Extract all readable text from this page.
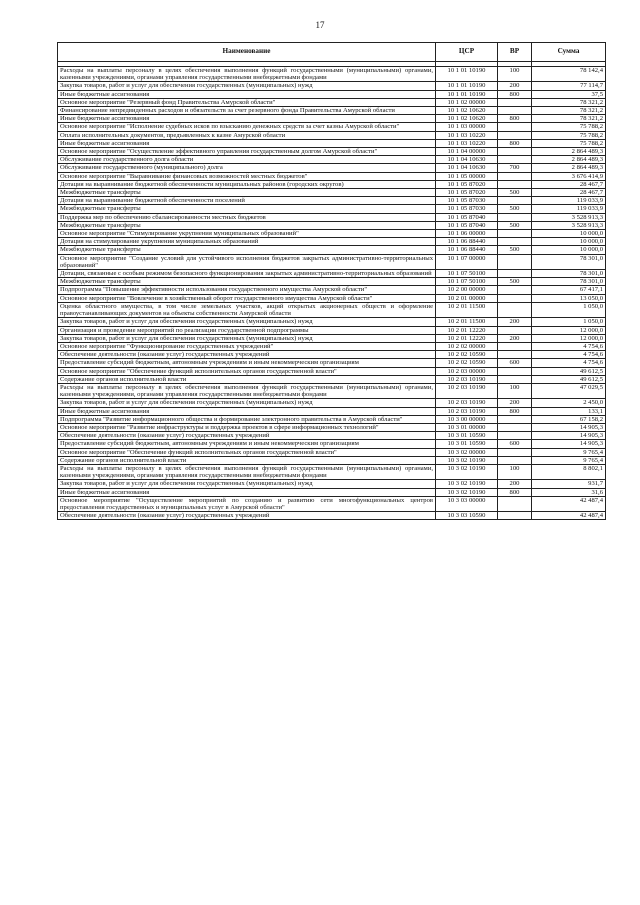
17
Наименование	ЦСР	ВР	Сумма

Расходы на выплаты персоналу в целях обеспечения выполнения функций государственными (муниципальными) органами, казенными учреждениями, органами управления государственными внебюджетными фондами	10 1 01 10190	100	78 142,4
Закупка товаров, работ и услуг для обеспечения государственных (муниципальных) нужд	10 1 01 10190	200	77 114,7
Иные бюджетные ассигнования	10 1 01 10190	800	37,5
Основное мероприятие "Резервный фонд Правительства Амурской области"	10 1 02 00000		78 321,2
Финансирование непредвиденных расходов и обязательств за счет резервного фонда Правительства Амурской области	10 1 02 10620		78 321,2
Иные бюджетные ассигнования	10 1 02 10620	800	78 321,2
Основное мероприятие "Исполнение судебных исков по взысканию денежных средств за счет казны Амурской области"	10 1 03 00000		75 788,2
Оплата исполнительных документов, предъявленных к казне Амурской области	10 1 03 10220		75 788,2
Иные бюджетные ассигнования	10 1 03 10220	800	75 788,2
Основное мероприятие "Осуществление эффективного управления государственным долгом Амурской области"	10 1 04 00000		2 864 489,3
Обслуживание государственного долга области	10 1 04 10630		2 864 489,3
Обслуживание государственного (муниципального) долга	10 1 04 10630	700	2 864 489,3
Основное мероприятие "Выравнивание финансовых возможностей местных бюджетов"	10 1 05 00000		3 676 414,9
Дотация на выравнивание бюджетной обеспеченности муниципальных районов (городских округов)	10 1 05 87020		28 467,7
Межбюджетные трансферты	10 1 05 87020	500	28 467,7
Дотация на выравнивание бюджетной обеспеченности поселений	10 1 05 87030		119 033,9
Межбюджетные трансферты	10 1 05 87030	500	119 033,9
Поддержка мер по обеспечению сбалансированности местных бюджетов	10 1 05 87040		3 528 913,3
Межбюджетные трансферты	10 1 05 87040	500	3 528 913,3
Основное мероприятие "Стимулирование укрупнения муниципальных образований"	10 1 06 00000		10 000,0
Дотация на стимулирование укрупнения муниципальных образований	10 1 06 88440		10 000,0
Межбюджетные трансферты	10 1 06 88440	500	10 000,0
Основное мероприятие "Создание условий для устойчивого исполнения бюджетов закрытых административно-территориальных образований"	10 1 07 00000		78 301,0
Дотации, связанные с особым режимом безопасного функционирования закрытых административно-территориальных образований	10 1 07 50100		78 301,0
Межбюджетные трансферты	10 1 07 50100	500	78 301,0
Подпрограмма "Повышение эффективности использования государственного имущества Амурской области"	10 2 00 00000		67 417,1
Основное мероприятие "Вовлечение в хозяйственный оборот государственного имущества Амурской области"	10 2 01 00000		13 050,0
Оценка областного имущества, в том числе земельных участков, акций открытых акционерных обществ и оформление правоустанавливающих документов на объекты собственности Амурской области	10 2 01 11500		1 050,0
Закупка товаров, работ и услуг для обеспечения государственных (муниципальных) нужд	10 2 01 11500	200	1 050,0
Организация и проведение мероприятий по реализации государственной подпрограммы	10 2 01 12220		12 000,0
Закупка товаров, работ и услуг для обеспечения государственных (муниципальных) нужд	10 2 01 12220	200	12 000,0
Основное мероприятие "Функционирование государственных учреждений"	10 2 02 00000		4 754,6
Обеспечение деятельности (оказание услуг) государственных учреждений	10 2 02 10590		4 754,6
Предоставление субсидий бюджетным, автономным учреждениям и иным некоммерческим организациям	10 2 02 10590	600	4 754,6
Основное мероприятие "Обеспечение функций исполнительных органов государственной власти"	10 2 03 00000		49 612,5
Содержание органов исполнительной власти	10 2 03 10190		49 612,5
Расходы на выплаты персоналу в целях обеспечения выполнения функций государственными (муниципальными) органами, казенными учреждениями, органами управления государственными внебюджетными фондами	10 2 03 10190	100	47 029,5
Закупка товаров, работ и услуг для обеспечения государственных (муниципальных) нужд	10 2 03 10190	200	2 450,0
Иные бюджетные ассигнования	10 2 03 10190	800	133,1
Подпрограмма "Развитие информационного общества и формирование электронного правительства в Амурской области"	10 3 00 00000		67 158,2
Основное мероприятие "Развитие инфраструктуры и поддержка проектов в сфере информационных технологий"	10 3 01 00000		14 905,3
Обеспечение деятельности (оказание услуг) государственных учреждений	10 3 01 10590		14 905,3
Предоставление субсидий бюджетным, автономным учреждениям и иным некоммерческим организациям	10 3 01 10590	600	14 905,3
Основное мероприятие "Обеспечение функций исполнительных органов государственной власти"	10 3 02 00000		9 765,4
Содержание органов исполнительной власти	10 3 02 10190		9 765,4
Расходы на выплаты персоналу в целях обеспечения выполнения функций государственными (муниципальными) органами, казенными учреждениями, органами управления государственными внебюджетными фондами	10 3 02 10190	100	8 802,1
Закупка товаров, работ и услуг для обеспечения государственных (муниципальных) нужд	10 3 02 10190	200	931,7
Иные бюджетные ассигнования	10 3 02 10190	800	31,6
Основное мероприятие "Осуществление мероприятий по созданию и развитию сети многофункциональных центров предоставления государственных и муниципальных услуг в Амурской области"	10 3 03 00000		42 487,4
Обеспечение деятельности (оказание услуг) государственных учреждений	10 3 03 10590		42 487,4
